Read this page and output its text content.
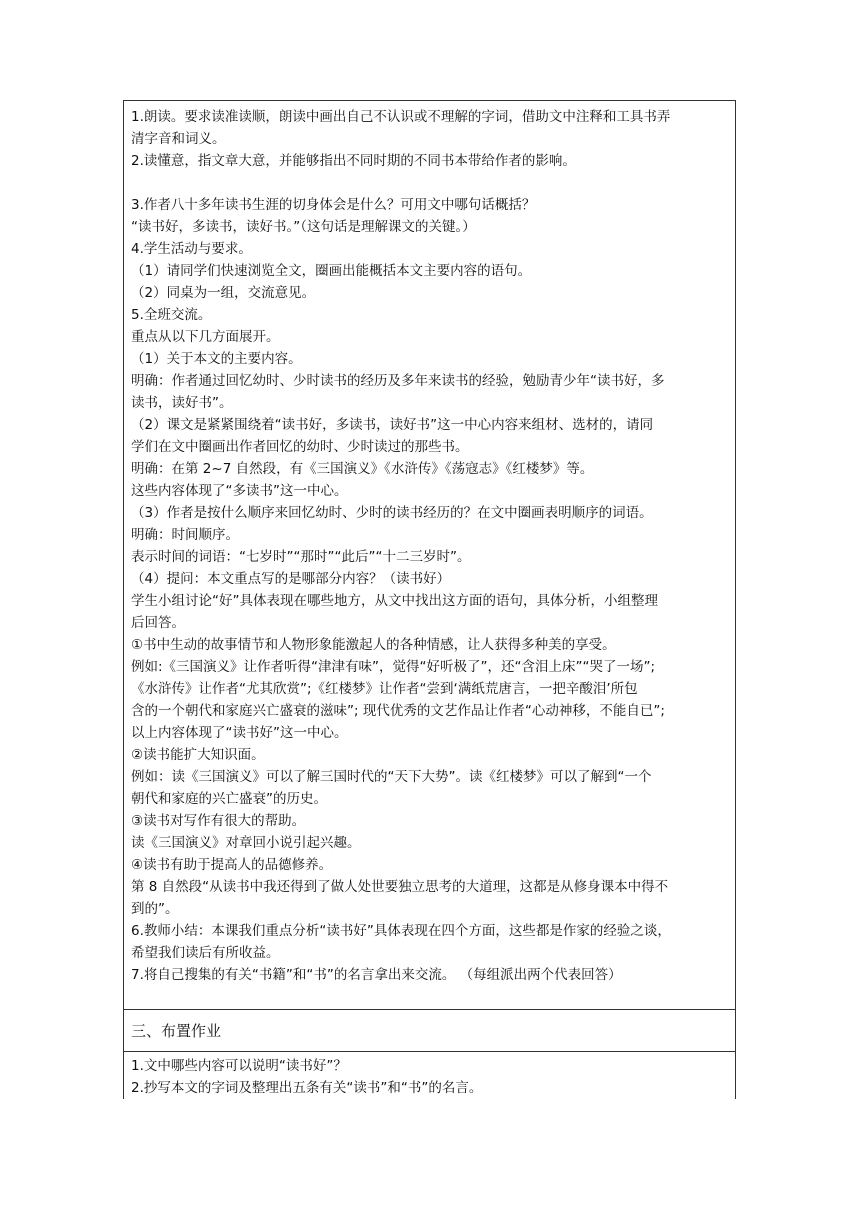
1.朗读。要求读准读顺，朗读中画出自己不认识或不理解的字词，借助文中注释和工具书弄
清字音和词义。
2.读懂意，指文章大意，并能够指出不同时期的不同书本带给作者的影响。
3.作者八十多年读书生涯的切身体会是什么？可用文中哪句话概括？
“读书好，多读书，读好书。”（这句话是理解课文的关键。）
4.学生活动与要求。
（1）请同学们快速浏览全文，圈画出能概括本文主要内容的语句。
（2）同桌为一组，交流意见。
5.全班交流。
重点从以下几方面展开。
（1）关于本文的主要内容。
明确：作者通过回忆幼时、少时读书的经历及多年来读书的经验，勉励青少年“读书好，多
读书，读好书”。
（2）课文是紧紧围绕着“读书好，多读书，读好书”这一中心内容来组材、选材的，请同
学们在文中圈画出作者回忆的幼时、少时读过的那些书。
明确：在第 2~7 自然段，有《三国演义》《水浒传》《荡寇志》《红楼梦》等。
这些内容体现了“多读书”这一中心。
（3）作者是按什么顺序来回忆幼时、少时的读书经历的？在文中圈画表明顺序的词语。
明确：时间顺序。
表示时间的词语：“七岁时”“那时”“此后”“十二三岁时”。
（4）提问：本文重点写的是哪部分内容？（读书好）
学生小组讨论“好”具体表现在哪些地方，从文中找出这方面的语句，具体分析，小组整理
后回答。
①书中生动的故事情节和人物形象能激起人的各种情感，让人获得多种美的享受。
例如:《三国演义》让作者听得“津津有味”，觉得“好听极了”，还“含泪上床”“哭了一场”;
《水浒传》让作者“尤其欣赏”;《红楼梦》让作者“尝到‘满纸荒唐言，一把辛酸泪’所包
含的一个朝代和家庭兴亡盛衰的滋味”; 现代优秀的文艺作品让作者“心动神移，不能自已”;
以上内容体现了“读书好”这一中心。
②读书能扩大知识面。
例如：读《三国演义》可以了解三国时代的“天下大势”。读《红楼梦》可以了解到“一个
朝代和家庭的兴亡盛衰”的历史。
③读书对写作有很大的帮助。
读《三国演义》对章回小说引起兴趣。
④读书有助于提高人的品德修养。
第 8 自然段“从读书中我还得到了做人处世要独立思考的大道理，这都是从修身课本中得不
到的”。
6.教师小结：本课我们重点分析“读书好”具体表现在四个方面，这些都是作家的经验之谈，
希望我们读后有所收益。
7.将自己搜集的有关“书籍”和“书”的名言拿出来交流。 （每组派出两个代表回答）
三、布置作业
1.文中哪些内容可以说明“读书好”？
2.抄写本文的字词及整理出五条有关“读书”和“书”的名言。
